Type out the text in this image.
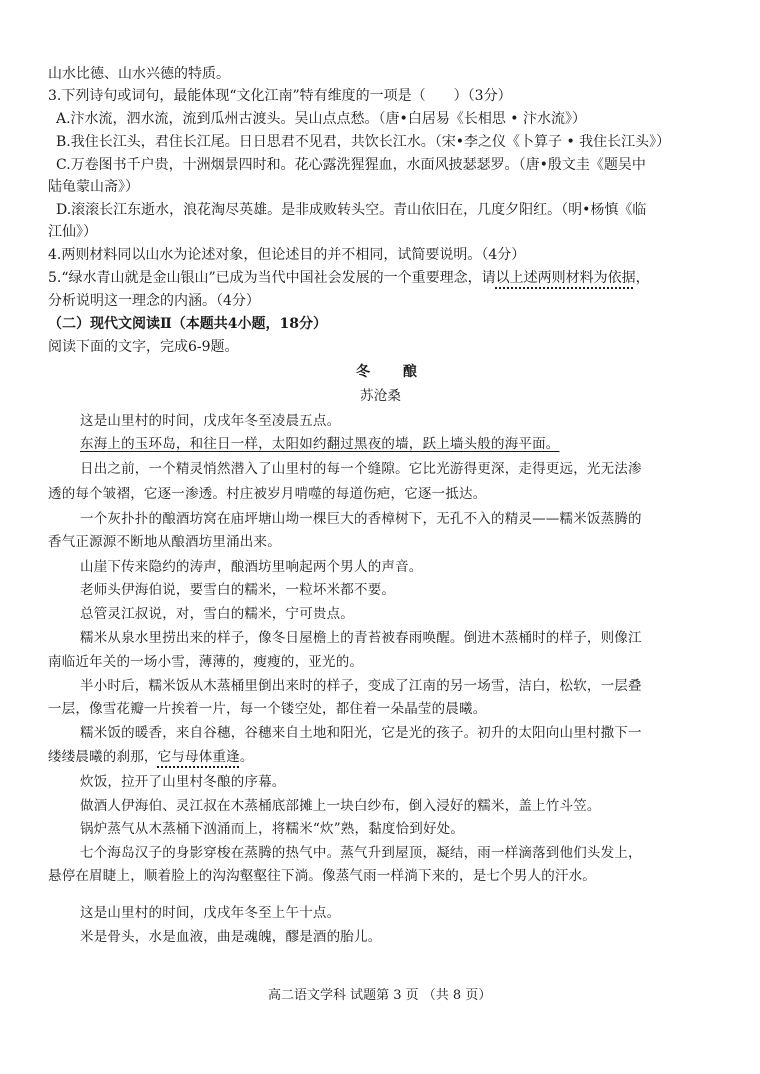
山水比德、山水兴德的特质。
3.下列诗句或词句，最能体现“文化江南”特有维度的一项是（　　）（3分）
A.汴水流，泗水流，流到瓜州古渡头。吴山点点愁。（唐•白居易《长相思 • 汴水流》）
B.我住长江头，君住长江尾。日日思君不见君，共饮长江水。（宋•李之仪《卜算子 • 我住长江头》）
C.万卷图书千户贵，十洲烟景四时和。花心露洗猩猩血，水面风披瑟瑟罗。（唐•殷文圭《题吴中
陆龟蒙山斋》）
D.滚滚长江东逝水，浪花淘尽英雄。是非成败转头空。青山依旧在，几度夕阳红。（明•杨慎《临
江仙》）
4.两则材料同以山水为论述对象，但论述目的并不相同，试简要说明。（4分）
5.“绿水青山就是金山银山”已成为当代中国社会发展的一个重要理念，请以上述两则材料为依据，
分析说明这一理念的内涵。（4分）
（二）现代文阅读Ⅱ（本题共4小题，18分）
阅读下面的文字，完成6-9题。
冬 酿
苏沧桑
这是山里村的时间，戊戌年冬至凌晨五点。
东海上的玉环岛，和往日一样，太阳如约翻过黑夜的墙，跃上墙头般的海平面。
日出之前，一个精灵悄然潜入了山里村的每一个缝隙。它比光游得更深，走得更远，光无法渗
透的每个皱褶，它逐一渗透。村庄被岁月啃噬的每道伤疤，它逐一抵达。
一个灰扑扑的酿酒坊窝在庙坪塘山坳一棵巨大的香樟树下，无孔不入的精灵——糯米饭蒸腾的
香气正源源不断地从酿酒坊里涌出来。
山崖下传来隐约的涛声，酿酒坊里响起两个男人的声音。
老师头伊海伯说，要雪白的糯米，一粒坏米都不要。
总管灵江叔说，对，雪白的糯米，宁可贵点。
糯米从泉水里捞出来的样子，像冬日屋檐上的青苔被春雨唤醒。倒进木蒸桶时的样子，则像江
南临近年关的一场小雪，薄薄的，瘦瘦的，亚光的。
半小时后，糯米饭从木蒸桶里倒出来时的样子，变成了江南的另一场雪，洁白，松软，一层叠
一层，像雪花瓣一片挨着一片，每一个镂空处，都住着一朵晶莹的晨曦。
糯米饭的暖香，来自谷穗，谷穗来自土地和阳光，它是光的孩子。初升的太阳向山里村撒下一
缕缕晨曦的刹那，它与母体重逢。
炊饭，拉开了山里村冬酿的序幕。
做酒人伊海伯、灵江叔在木蒸桶底部摊上一块白纱布，倒入浸好的糯米，盖上竹斗笠。
锅炉蒸气从木蒸桶下汹涌而上，将糯米“炊”熟，黏度恰到好处。
七个海岛汉子的身影穿梭在蒸腾的热气中。蒸气升到屋顶，凝结，雨一样滴落到他们头发上，
悬停在眉睫上，顺着脸上的沟沟壑壑往下淌。像蒸气雨一样淌下来的，是七个男人的汗水。
这是山里村的时间，戊戌年冬至上午十点。
米是骨头，水是血液，曲是魂魄，醪是酒的胎儿。
高二语文学科 试题第 3 页 （共 8 页）
